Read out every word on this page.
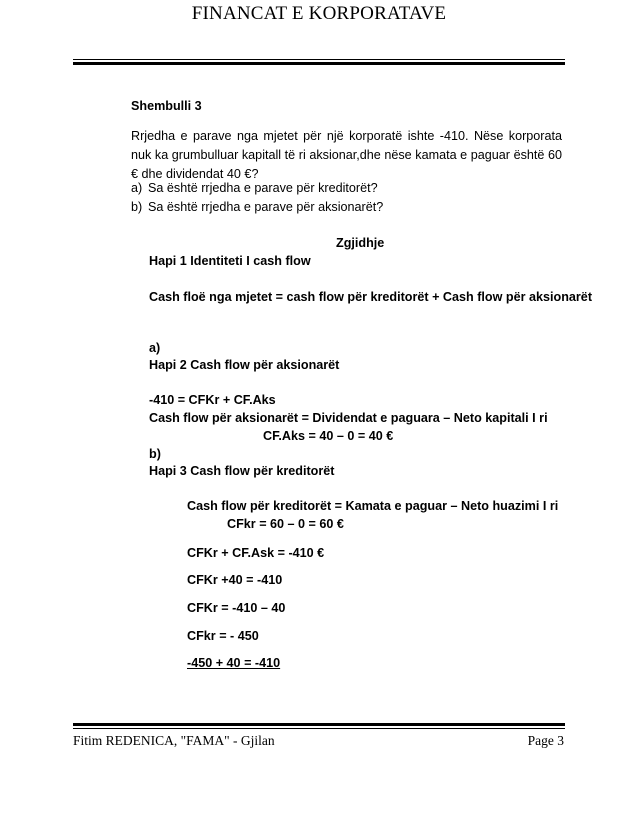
FINANCAT E KORPORATAVE
Shembulli 3
Rrjedha e parave nga mjetet për një korporatë ishte -410. Nëse korporata nuk ka grumbulluar kapitall të ri aksionar,dhe nëse kamata e paguar është 60 € dhe dividendat 40 €?
a) Sa është rrjedha e parave për kreditorët?
b) Sa është rrjedha e parave për aksionarët?
Zgjidhje
Hapi 1 Identiteti I cash flow
Cash floë nga mjetet = cash flow për kreditorët + Cash flow për aksionarët
a)
Hapi 2 Cash flow për aksionarët
-410 = CFKr + CF.Aks
Cash flow për aksionarët = Dividendat e paguara – Neto kapitali I ri
CF.Aks = 40 – 0 = 40 €
b)
Hapi 3 Cash flow për kreditorët
Cash flow për kreditorët = Kamata e paguar – Neto huazimi I ri
CFkr = 60 – 0 = 60 €
CFKr + CF.Ask = -410 €
CFKr +40 = -410
CFKr = -410 – 40
CFkr = - 450
-450 + 40 = -410
Fitim REDENICA, "FAMA" - Gjilan	Page 3
